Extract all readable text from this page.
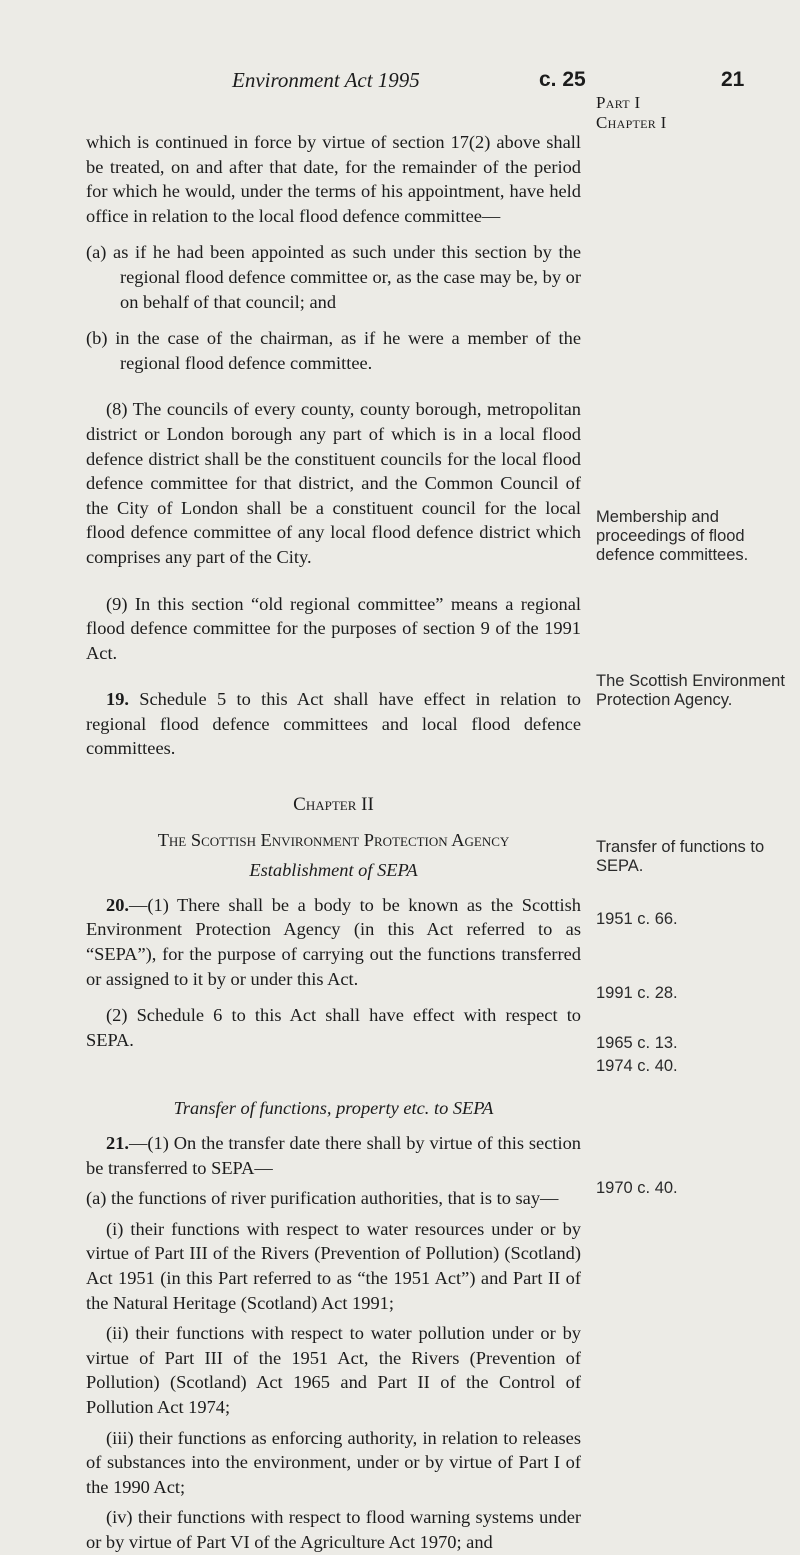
Environment Act 1995	c. 25	21
Part I
Chapter I

which is continued in force by virtue of section 17(2) above shall be treated, on and after that date, for the remainder of the period for which he would, under the terms of his appointment, have held office in relation to the local flood defence committee—

(a) as if he had been appointed as such under this section by the regional flood defence committee or, as the case may be, by or on behalf of that council; and

(b) in the case of the chairman, as if he were a member of the regional flood defence committee.

(8) The councils of every county, county borough, metropolitan district or London borough any part of which is in a local flood defence district shall be the constituent councils for the local flood defence committee for that district, and the Common Council of the City of London shall be a constituent council for the local flood defence committee of any local flood defence district which comprises any part of the City.

(9) In this section “old regional committee” means a regional flood defence committee for the purposes of section 9 of the 1991 Act.

19. Schedule 5 to this Act shall have effect in relation to regional flood defence committees and local flood defence committees.

Chapter II

The Scottish Environment Protection Agency

Establishment of SEPA

20.—(1) There shall be a body to be known as the Scottish Environment Protection Agency (in this Act referred to as “SEPA”), for the purpose of carrying out the functions transferred or assigned to it by or under this Act.

(2) Schedule 6 to this Act shall have effect with respect to SEPA.

Transfer of functions, property etc. to SEPA

21.—(1) On the transfer date there shall by virtue of this section be transferred to SEPA—

(a) the functions of river purification authorities, that is to say—

(i) their functions with respect to water resources under or by virtue of Part III of the Rivers (Prevention of Pollution) (Scotland) Act 1951 (in this Part referred to as “the 1951 Act”) and Part II of the Natural Heritage (Scotland) Act 1991;

(ii) their functions with respect to water pollution under or by virtue of Part III of the 1951 Act, the Rivers (Prevention of Pollution) (Scotland) Act 1965 and Part II of the Control of Pollution Act 1974;

(iii) their functions as enforcing authority, in relation to releases of substances into the environment, under or by virtue of Part I of the 1990 Act;

(iv) their functions with respect to flood warning systems under or by virtue of Part VI of the Agriculture Act 1970; and

Membership and proceedings of flood defence committees.
The Scottish Environment Protection Agency.
Transfer of functions to SEPA.
1951 c. 66.
1991 c. 28.
1965 c. 13.
1974 c. 40.
1970 c. 40.
